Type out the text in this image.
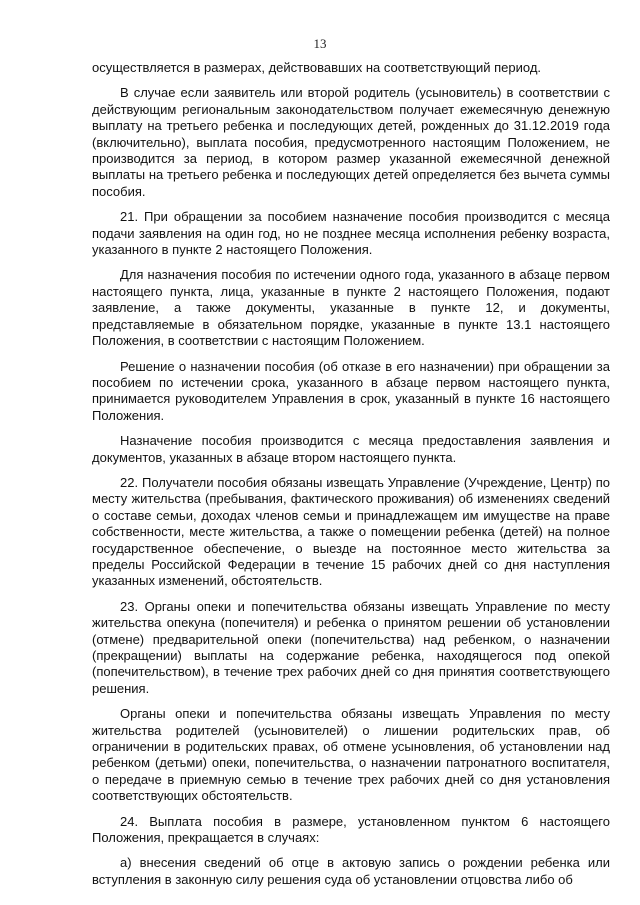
13

осуществляется в размерах, действовавших на соответствующий период.

В случае если заявитель или второй родитель (усыновитель) в соответствии с действующим региональным законодательством получает ежемесячную денежную выплату на третьего ребенка и последующих детей, рожденных до 31.12.2019 года (включительно), выплата пособия, предусмотренного настоящим Положением, не производится за период, в котором размер указанной ежемесячной денежной выплаты на третьего ребенка и последующих детей определяется без вычета суммы пособия.

21. При обращении за пособием назначение пособия производится с месяца подачи заявления на один год, но не позднее месяца исполнения ребенку возраста, указанного в пункте 2 настоящего Положения.

Для назначения пособия по истечении одного года, указанного в абзаце первом настоящего пункта, лица, указанные в пункте 2 настоящего Положения, подают заявление, а также документы, указанные в пункте 12, и документы, представляемые в обязательном порядке, указанные в пункте 13.1 настоящего Положения, в соответствии с настоящим Положением.

Решение о назначении пособия (об отказе в его назначении) при обращении за пособием по истечении срока, указанного в абзаце первом настоящего пункта, принимается руководителем Управления в срок, указанный в пункте 16 настоящего Положения.

Назначение пособия производится с месяца предоставления заявления и документов, указанных в абзаце втором настоящего пункта.

22. Получатели пособия обязаны извещать Управление (Учреждение, Центр) по месту жительства (пребывания, фактического проживания) об изменениях сведений о составе семьи, доходах членов семьи и принадлежащем им имуществе на праве собственности, месте жительства, а также о помещении ребенка (детей) на полное государственное обеспечение, о выезде на постоянное место жительства за пределы Российской Федерации в течение 15 рабочих дней со дня наступления указанных изменений, обстоятельств.

23. Органы опеки и попечительства обязаны извещать Управление по месту жительства опекуна (попечителя) и ребенка о принятом решении об установлении (отмене) предварительной опеки (попечительства) над ребенком, о назначении (прекращении) выплаты на содержание ребенка, находящегося под опекой (попечительством), в течение трех рабочих дней со дня принятия соответствующего решения.

Органы опеки и попечительства обязаны извещать Управления по месту жительства родителей (усыновителей) о лишении родительских прав, об ограничении в родительских правах, об отмене усыновления, об установлении над ребенком (детьми) опеки, попечительства, о назначении патронатного воспитателя, о передаче в приемную семью в течение трех рабочих дней со дня установления соответствующих обстоятельств.

24. Выплата пособия в размере, установленном пунктом 6 настоящего Положения, прекращается в случаях:

а) внесения сведений об отце в актовую запись о рождении ребенка или вступления в законную силу решения суда об установлении отцовства либо об
